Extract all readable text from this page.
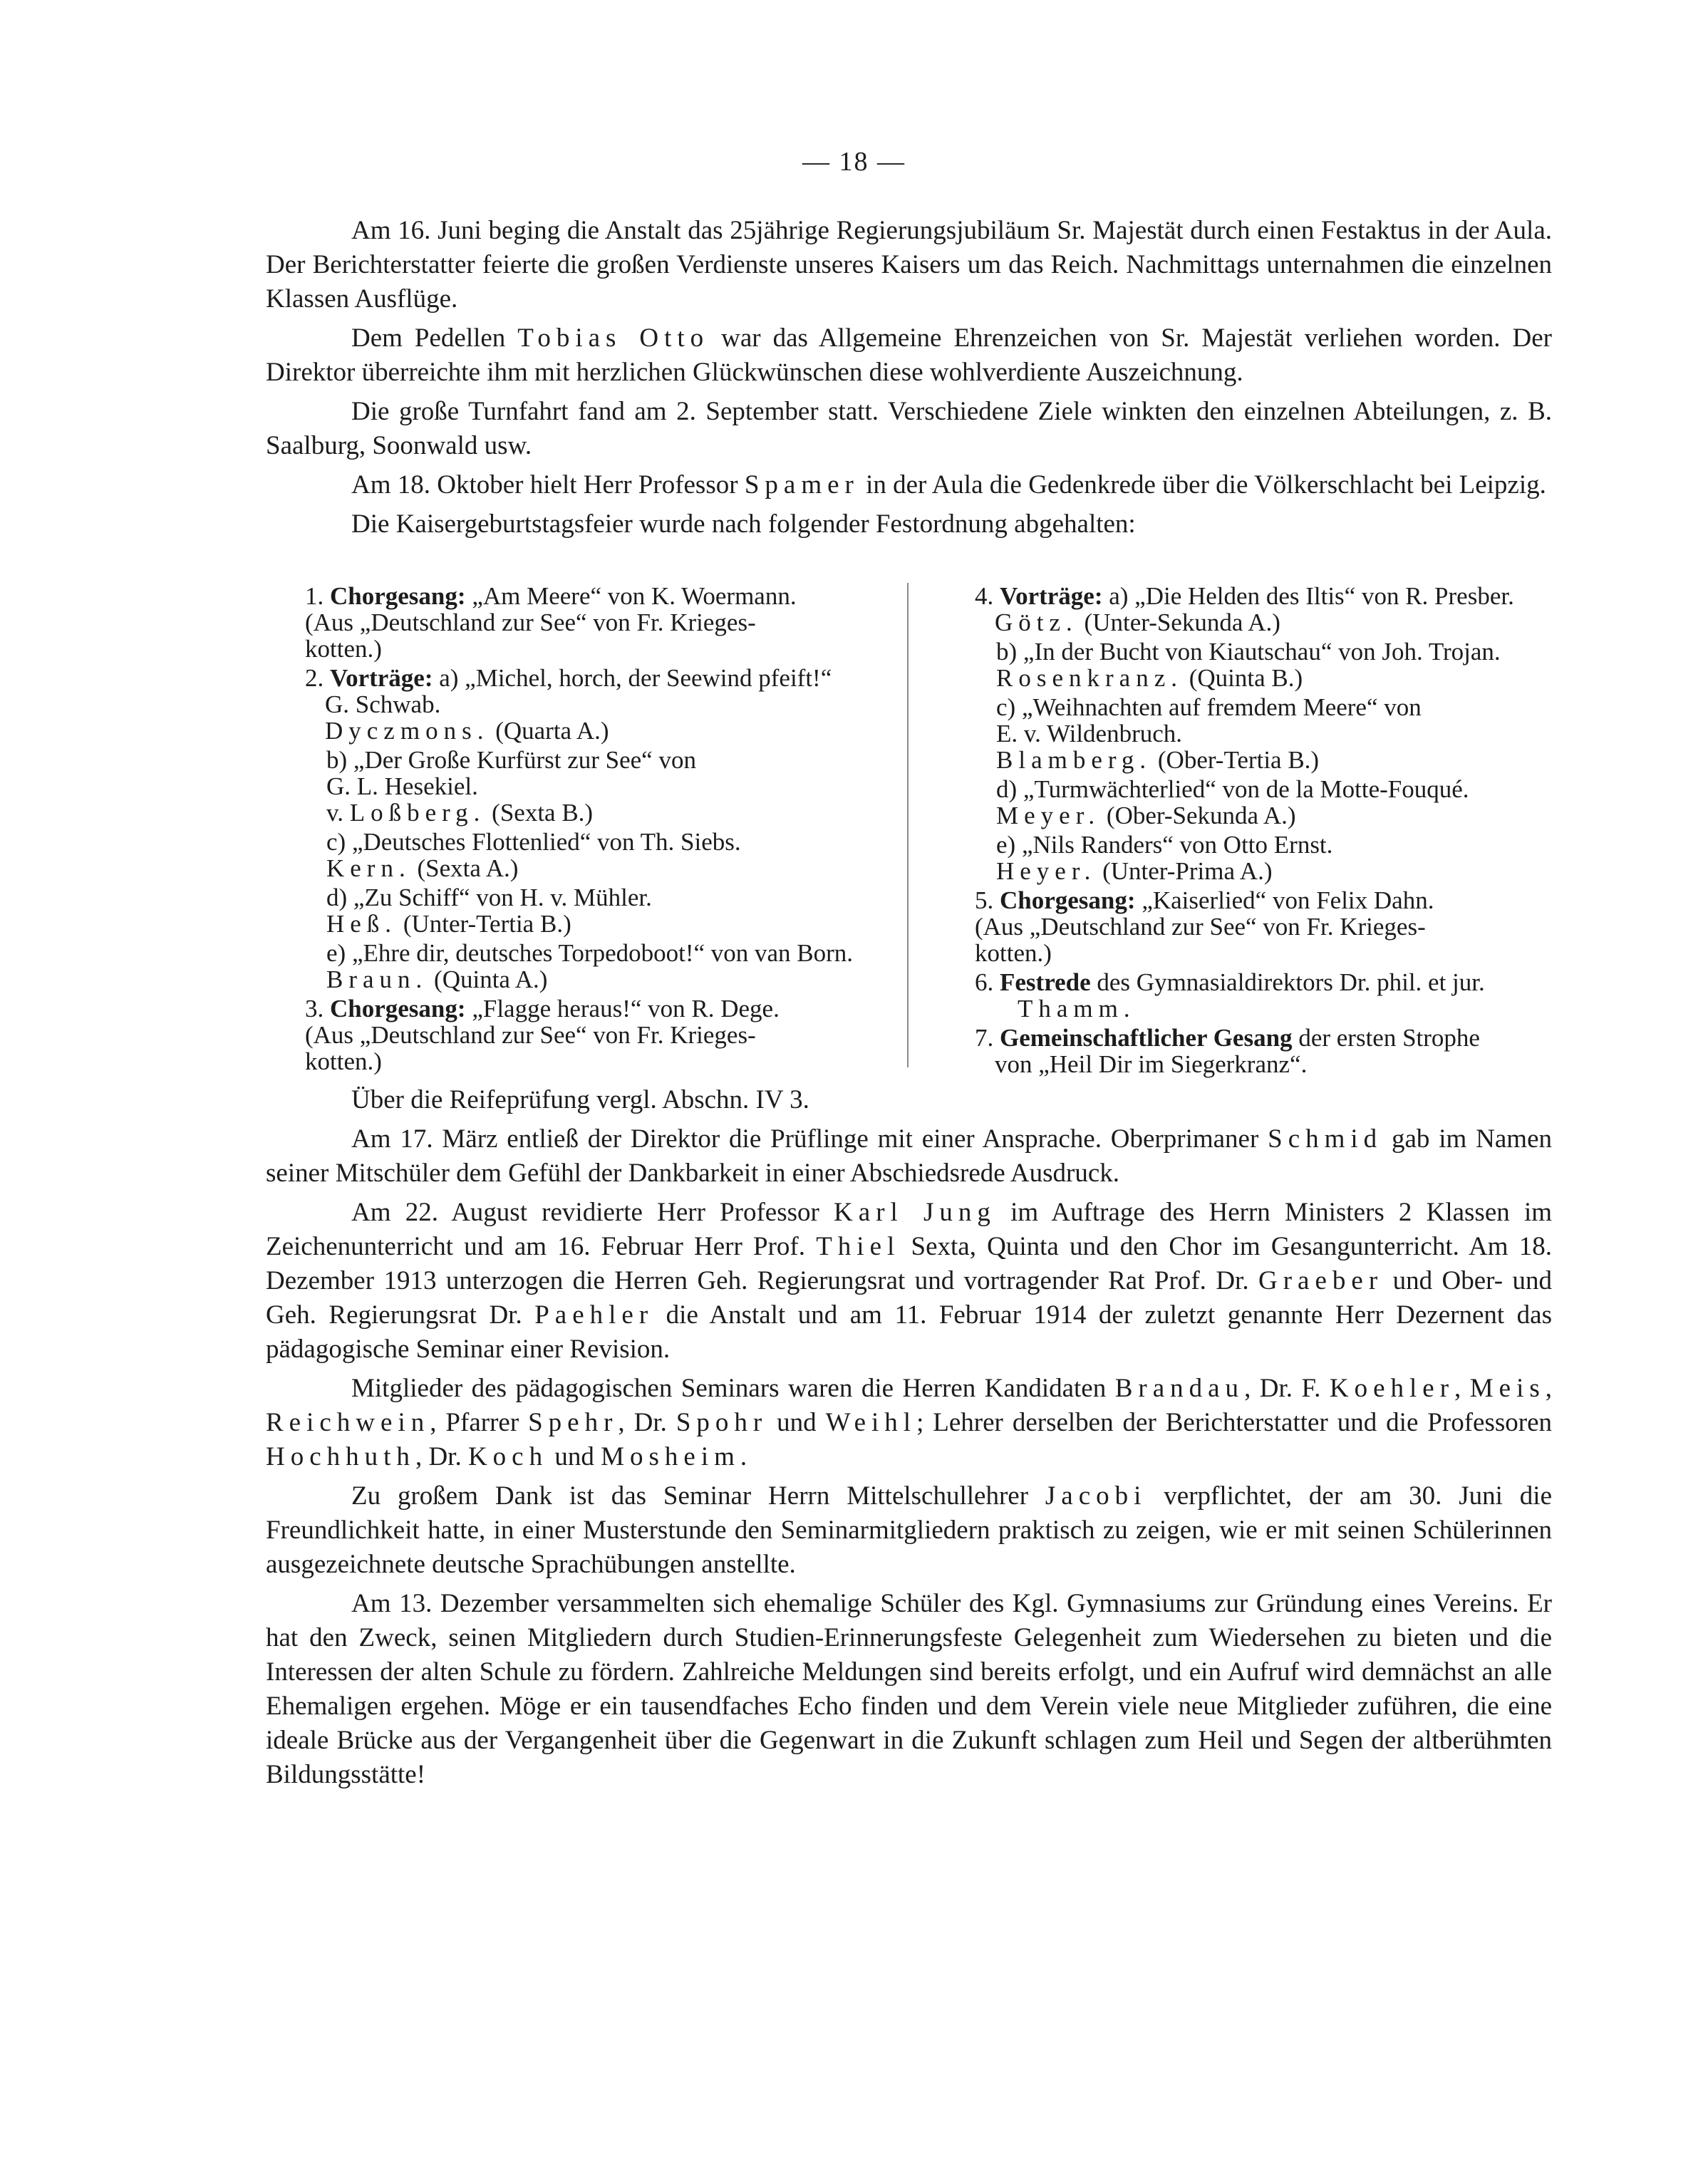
— 18 —

Am 16. Juni beging die Anstalt das 25jährige Regierungsjubiläum Sr. Majestät durch einen Festaktus in der Aula. Der Berichterstatter feierte die großen Verdienste unseres Kaisers um das Reich. Nachmittags unternahmen die einzelnen Klassen Ausflüge.

Dem Pedellen Tobias Otto war das Allgemeine Ehrenzeichen von Sr. Majestät verliehen worden. Der Direktor überreichte ihm mit herzlichen Glückwünschen diese wohlverdiente Auszeichnung.

Die große Turnfahrt fand am 2. September statt. Verschiedene Ziele winkten den einzelnen Abteilungen, z. B. Saalburg, Soonwald usw.

Am 18. Oktober hielt Herr Professor Spamer in der Aula die Gedenkrede über die Völkerschlacht bei Leipzig.

Die Kaisergeburtstagsfeier wurde nach folgender Festordnung abgehalten:

1. Chorgesang: „Am Meere“ von K. Woermann.
(Aus „Deutschland zur See“ von Fr. Krieges-
kotten.)
2. Vorträge: a) „Michel, horch, der Seewind pfeift!“
G. Schwab.
Dyczmons. (Quarta A.)
b) „Der Große Kurfürst zur See“ von
G. L. Hesekiel.
v. Loßberg. (Sexta B.)
c) „Deutsches Flottenlied“ von Th. Siebs.
Kern. (Sexta A.)
d) „Zu Schiff“ von H. v. Mühler.
Heß. (Unter-Tertia B.)
e) „Ehre dir, deutsches Torpedoboot!“ von van Born.
Braun. (Quinta A.)
3. Chorgesang: „Flagge heraus!“ von R. Dege.
(Aus „Deutschland zur See“ von Fr. Krieges-
kotten.)
4. Vorträge: a) „Die Helden des Iltis“ von R. Presber.
Götz. (Unter-Sekunda A.)
b) „In der Bucht von Kiautschau“ von Joh. Trojan.
Rosenkranz. (Quinta B.)
c) „Weihnachten auf fremdem Meere“ von
E. v. Wildenbruch.
Blamberg. (Ober-Tertia B.)
d) „Turmwächterlied“ von de la Motte-Fouqué.
Meyer. (Ober-Sekunda A.)
e) „Nils Randers“ von Otto Ernst.
Heyer. (Unter-Prima A.)
5. Chorgesang: „Kaiserlied“ von Felix Dahn.
(Aus „Deutschland zur See“ von Fr. Krieges-
kotten.)
6. Festrede des Gymnasialdirektors Dr. phil. et jur.
Thamm.
7. Gemeinschaftlicher Gesang der ersten Strophe
von „Heil Dir im Siegerkranz“.

Über die Reifeprüfung vergl. Abschn. IV 3.

Am 17. März entließ der Direktor die Prüflinge mit einer Ansprache. Oberprimaner Schmid gab im Namen seiner Mitschüler dem Gefühl der Dankbarkeit in einer Abschiedsrede Ausdruck.

Am 22. August revidierte Herr Professor Karl Jung im Auftrage des Herrn Ministers 2 Klassen im Zeichenunterricht und am 16. Februar Herr Prof. Thiel Sexta, Quinta und den Chor im Gesangunterricht. Am 18. Dezember 1913 unterzogen die Herren Geh. Regierungsrat und vortragender Rat Prof. Dr. Graeber und Ober- und Geh. Regierungsrat Dr. Paehler die Anstalt und am 11. Februar 1914 der zuletzt genannte Herr Dezernent das pädagogische Seminar einer Revision.

Mitglieder des pädagogischen Seminars waren die Herren Kandidaten Brandau, Dr. F. Koehler, Meis, Reichwein, Pfarrer Spehr, Dr. Spohr und Weihl; Lehrer derselben der Berichterstatter und die Professoren Hochhuth, Dr. Koch und Mosheim.

Zu großem Dank ist das Seminar Herrn Mittelschullehrer Jacobi verpflichtet, der am 30. Juni die Freundlichkeit hatte, in einer Musterstunde den Seminarmitgliedern praktisch zu zeigen, wie er mit seinen Schülerinnen ausgezeichnete deutsche Sprachübungen anstellte.

Am 13. Dezember versammelten sich ehemalige Schüler des Kgl. Gymnasiums zur Gründung eines Vereins. Er hat den Zweck, seinen Mitgliedern durch Studien-Erinnerungsfeste Gelegenheit zum Wiedersehen zu bieten und die Interessen der alten Schule zu fördern. Zahlreiche Meldungen sind bereits erfolgt, und ein Aufruf wird demnächst an alle Ehemaligen ergehen. Möge er ein tausendfaches Echo finden und dem Verein viele neue Mitglieder zuführen, die eine ideale Brücke aus der Vergangenheit über die Gegenwart in die Zukunft schlagen zum Heil und Segen der altberühmten Bildungsstätte!
